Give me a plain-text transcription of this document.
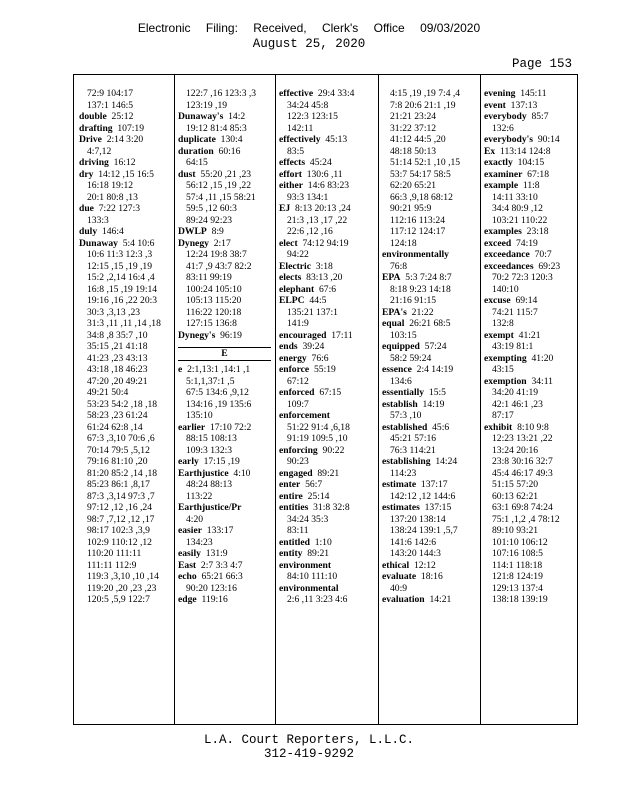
Electronic Filing: Received, Clerk's Office 09/03/2020
August 25, 2020
Page 153
72:9 104:17
137:1 146:5
double  25:12
drafting  107:19
Drive  2:14 3:20
4:7,12
driving  16:12
dry  14:12 ,15 16:5
16:18 19:12
20:1 80:8 ,13
due  7:22 127:3
133:3
duly  146:4
Dunaway  5:4 10:6
10:6 11:3 12:3 ,3
12:15 ,15 ,19 ,19
15:2 ,2,14 16:4 ,4
16:8 ,15 ,19 19:14
19:16 ,16 ,22 20:3
30:3 ,3,13 ,23
31:3 ,11 ,11 ,14 ,18
34:8 ,8 35:7 ,10
35:15 ,21 41:18
41:23 ,23 43:13
43:18 ,18 46:23
47:20 ,20 49:21
49:21 50:4
53:23 54:2 ,18 ,18
58:23 ,23 61:24
61:24 62:8 ,14
67:3 ,3,10 70:6 ,6
70:14 79:5 ,5,12
79:16 81:10 ,20
81:20 85:2 ,14 ,18
85:23 86:1 ,8,17
87:3 ,3,14 97:3 ,7
97:12 ,12 ,16 ,24
98:7 ,7,12 ,12 ,17
98:17 102:3 ,3,9
102:9 110:12 ,12
110:20 111:11
111:11 112:9
119:3 ,3,10 ,10 ,14
119:20 ,20 ,23 ,23
120:5 ,5,9 122:7
122:7 ,16 123:3 ,3
123:19 ,19
Dunaway's  14:2
19:12 81:4 85:3
duplicate  130:4
duration  60:16
64:15
dust  55:20 ,21 ,23
56:12 ,15 ,19 ,22
57:4 ,11 ,15 58:21
59:5 ,12 60:3
89:24 92:23
DWLP  8:9
Dynegy  2:17
12:24 19:8 38:7
41:7 ,9 43:7 82:2
83:11 99:19
100:24 105:10
105:13 115:20
116:22 120:18
127:15 136:8
Dynegy's  96:19
E
e  2:1,13:1 ,14:1 ,1
5:1,1,37:1 ,5
67:5 134:6 ,9,12
134:16 ,19 135:6
135:10
earlier  17:10 72:2
88:15 108:13
109:3 132:3
early  17:15 ,19
Earthjustice  4:10
48:24 88:13
113:22
Earthjustice/Pr
4:20
easier  133:17
134:23
easily  131:9
East  2:7 3:3 4:7
echo  65:21 66:3
90:20 123:16
edge  119:16
effective  29:4 33:4
34:24 45:8
122:3 123:15
142:11
effectively  45:13
83:5
effects  45:24
effort  130:6 ,11
either  14:6 83:23
93:3 134:1
EJ  8:13 20:13 ,24
21:3 ,13 ,17 ,22
22:6 ,12 ,16
elect  74:12 94:19
94:22
Electric  3:18
elects  83:13 ,20
elephant  67:6
ELPC  44:5
135:21 137:1
141:9
encouraged  17:11
ends  39:24
energy  76:6
enforce  55:19
67:12
enforced  67:15
109:7
enforcement
51:22 91:4 ,6,18
91:19 109:5 ,10
enforcing  90:22
90:23
engaged  89:21
enter  56:7
entire  25:14
entities  31:8 32:8
34:24 35:3
83:11
entitled  1:10
entity  89:21
environment
84:10 111:10
environmental
2:6 ,11 3:23 4:6
4:15 ,19 ,19 7:4 ,4
7:8 20:6 21:1 ,19
21:21 23:24
31:22 37:12
41:12 44:5 ,20
48:18 50:13
51:14 52:1 ,10 ,15
53:7 54:17 58:5
62:20 65:21
66:3 ,9,18 68:12
90:21 95:9
112:16 113:24
117:12 124:17
124:18
environmentally
76:8
EPA  5:3 7:24 8:7
8:18 9:23 14:18
21:16 91:15
EPA's  21:22
equal  26:21 68:5
103:15
equipped  57:24
58:2 59:24
essence  2:4 14:19
134:6
essentially  15:5
establish  14:19
57:3 ,10
established  45:6
45:21 57:16
76:3 114:21
establishing  14:24
114:23
estimate  137:17
142:12 ,12 144:6
estimates  137:15
137:20 138:14
138:24 139:1 ,5,7
141:6 142:6
143:20 144:3
ethical  12:12
evaluate  18:16
40:9
evaluation  14:21
evening  145:11
event  137:13
everybody  85:7
132:6
everybody's  90:14
Ex  113:14 124:8
exactly  104:15
examiner  67:18
example  11:8
14:11 33:10
34:4 80:9 ,12
103:21 110:22
examples  23:18
exceed  74:19
exceedance  70:7
exceedances  69:23
70:2 72:3 120:3
140:10
excuse  69:14
74:21 115:7
132:8
exempt  41:21
43:19 81:1
exempting  41:20
43:15
exemption  34:11
34:20 41:19
42:1 46:1 ,23
87:17
exhibit  8:10 9:8
12:23 13:21 ,22
13:24 20:16
23:8 30:16 32:7
45:4 46:17 49:3
51:15 57:20
60:13 62:21
63:1 69:8 74:24
75:1 ,1,2 ,4 78:12
89:10 93:21
101:10 106:12
107:16 108:5
114:1 118:18
121:8 124:19
129:13 137:4
138:18 139:19
L.A. Court Reporters, L.L.C.
312-419-9292
